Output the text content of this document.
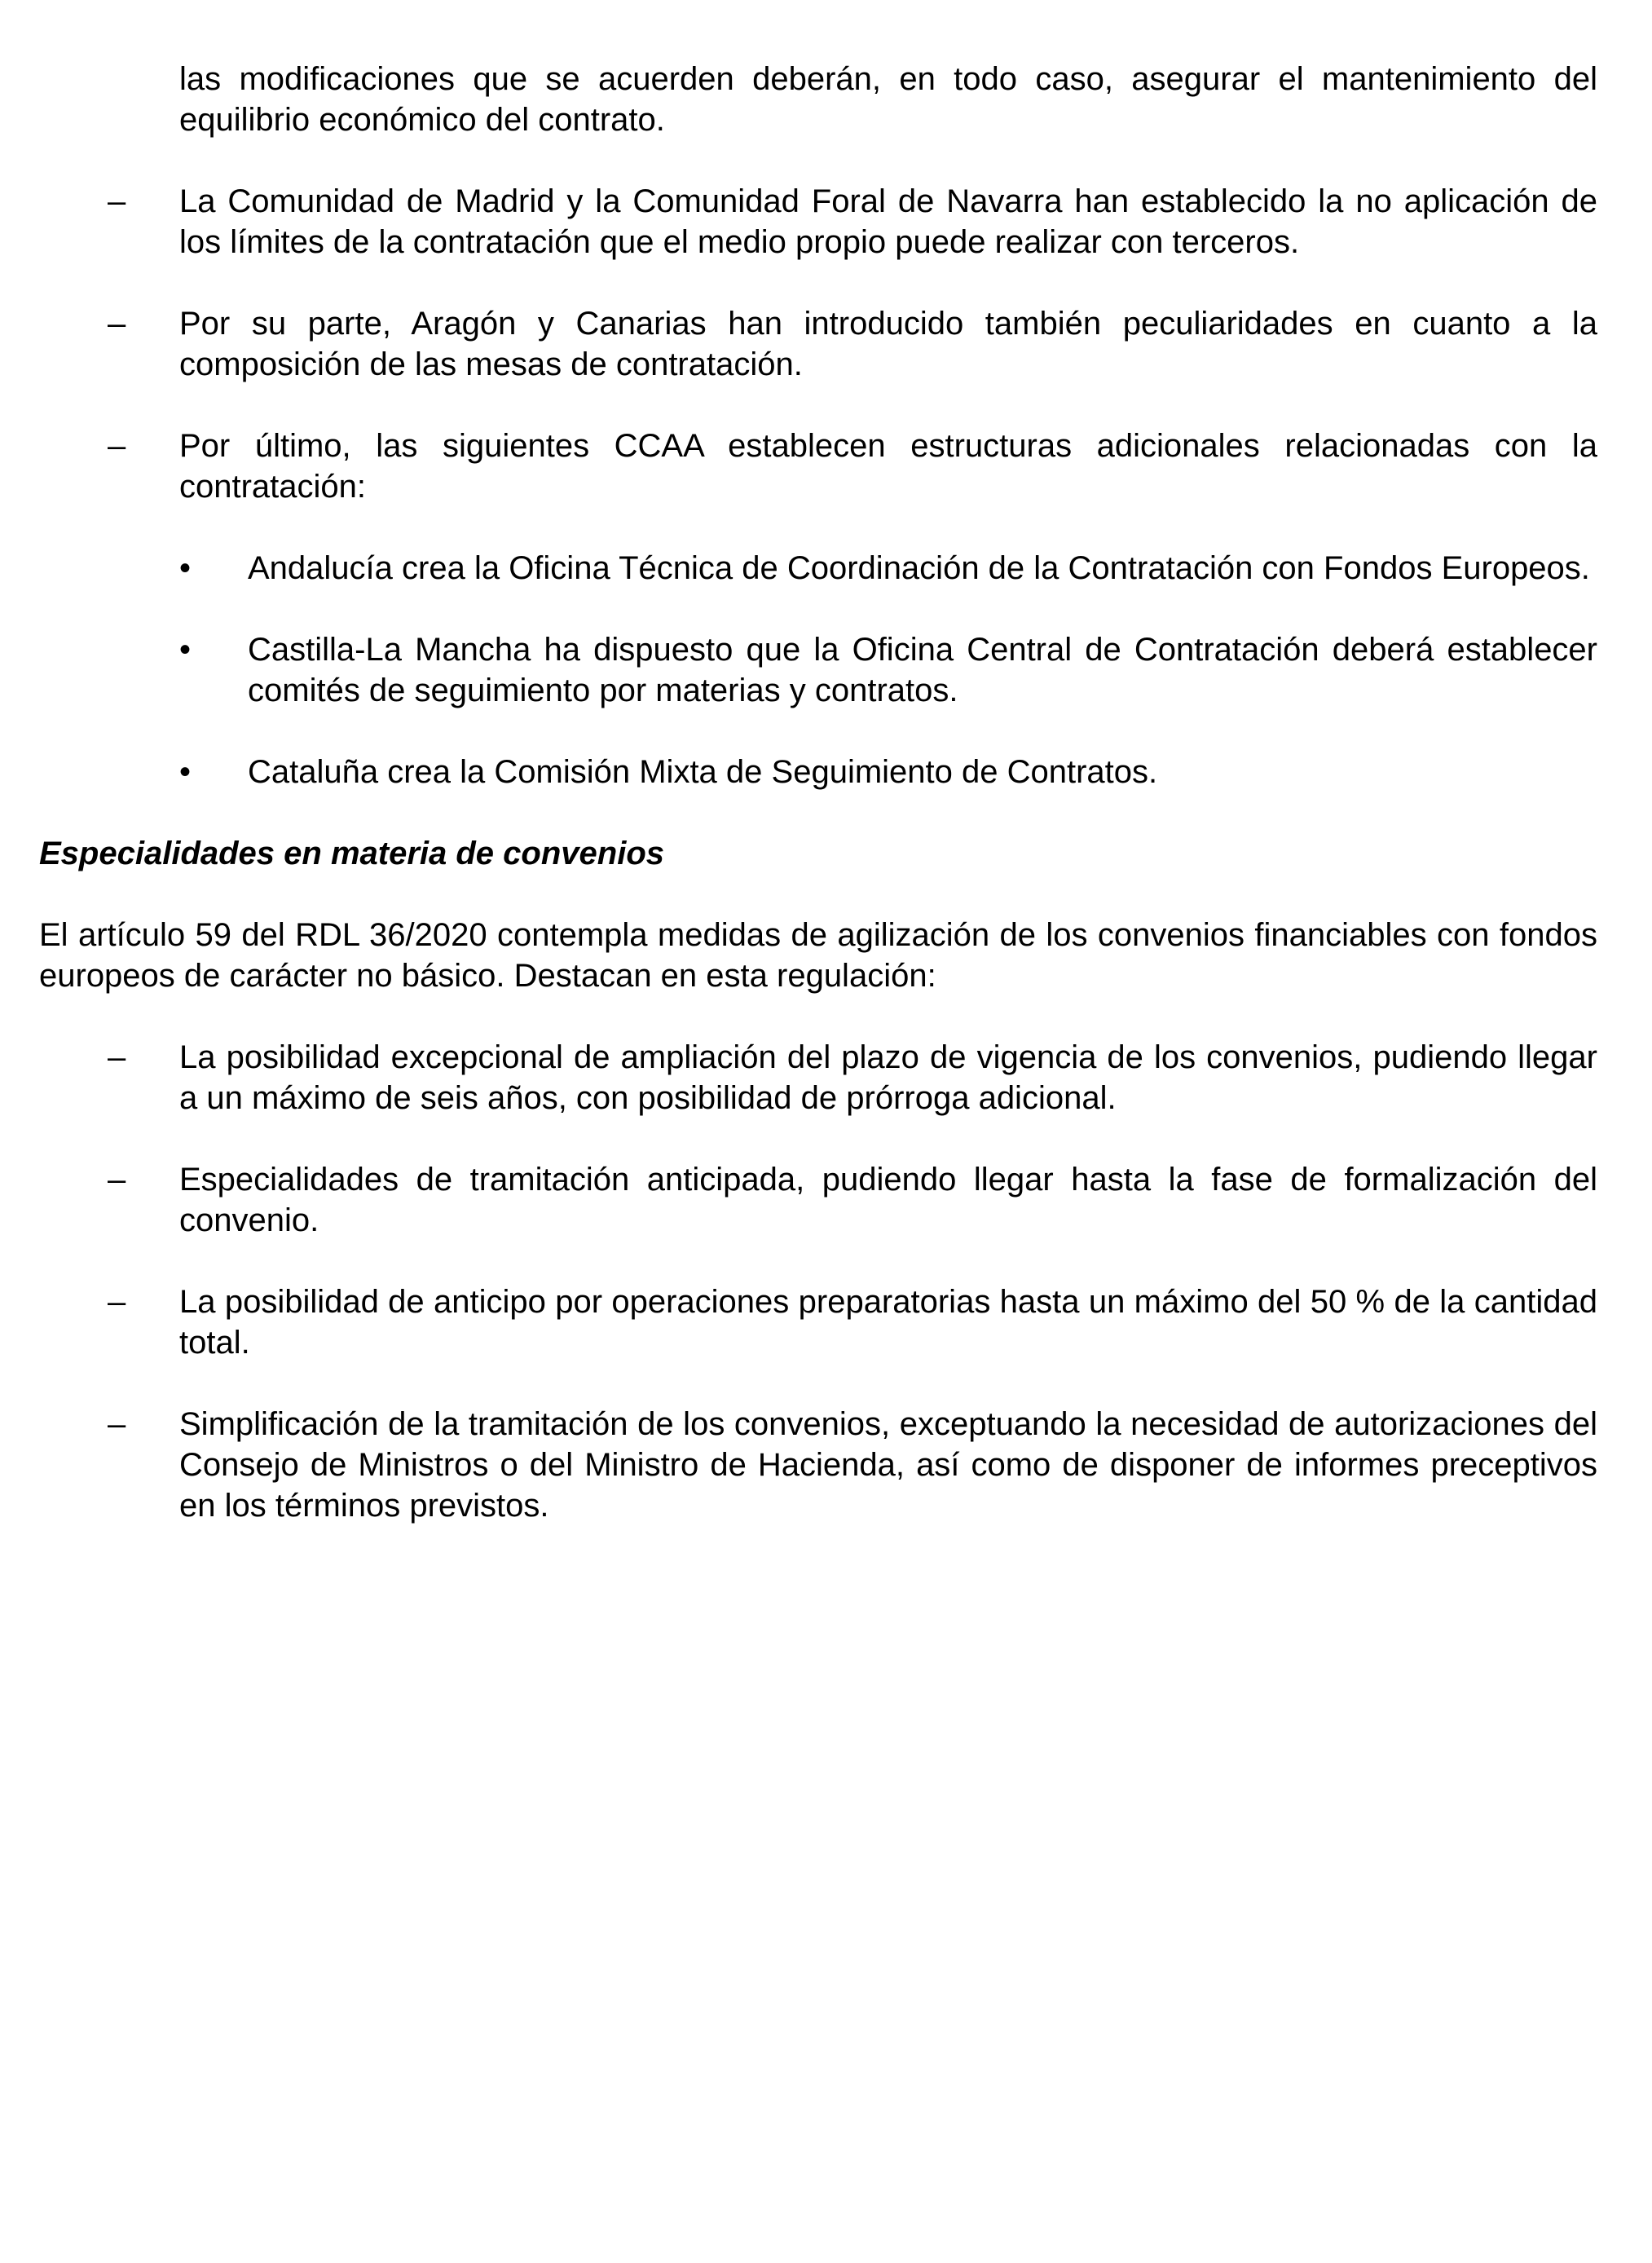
las modificaciones que se acuerden deberán, en todo caso, asegurar el mantenimiento del equilibrio económico del contrato.

– La Comunidad de Madrid y la Comunidad Foral de Navarra han establecido la no aplicación de los límites de la contratación que el medio propio puede realizar con terceros.
– Por su parte, Aragón y Canarias han introducido también peculiaridades en cuanto a la composición de las mesas de contratación.
– Por último, las siguientes CCAA establecen estructuras adicionales relacionadas con la contratación:
• Andalucía crea la Oficina Técnica de Coordinación de la Contratación con Fondos Europeos.
• Castilla-La Mancha ha dispuesto que la Oficina Central de Contratación deberá establecer comités de seguimiento por materias y contratos.
• Cataluña crea la Comisión Mixta de Seguimiento de Contratos.

Especialidades en materia de convenios

El artículo 59 del RDL 36/2020 contempla medidas de agilización de los convenios financiables con fondos europeos de carácter no básico. Destacan en esta regulación:

– La posibilidad excepcional de ampliación del plazo de vigencia de los convenios, pudiendo llegar a un máximo de seis años, con posibilidad de prórroga adicional.
– Especialidades de tramitación anticipada, pudiendo llegar hasta la fase de formalización del convenio.
– La posibilidad de anticipo por operaciones preparatorias hasta un máximo del 50 % de la cantidad total.
– Simplificación de la tramitación de los convenios, exceptuando la necesidad de autorizaciones del Consejo de Ministros o del Ministro de Hacienda, así como de disponer de informes preceptivos en los términos previstos.
